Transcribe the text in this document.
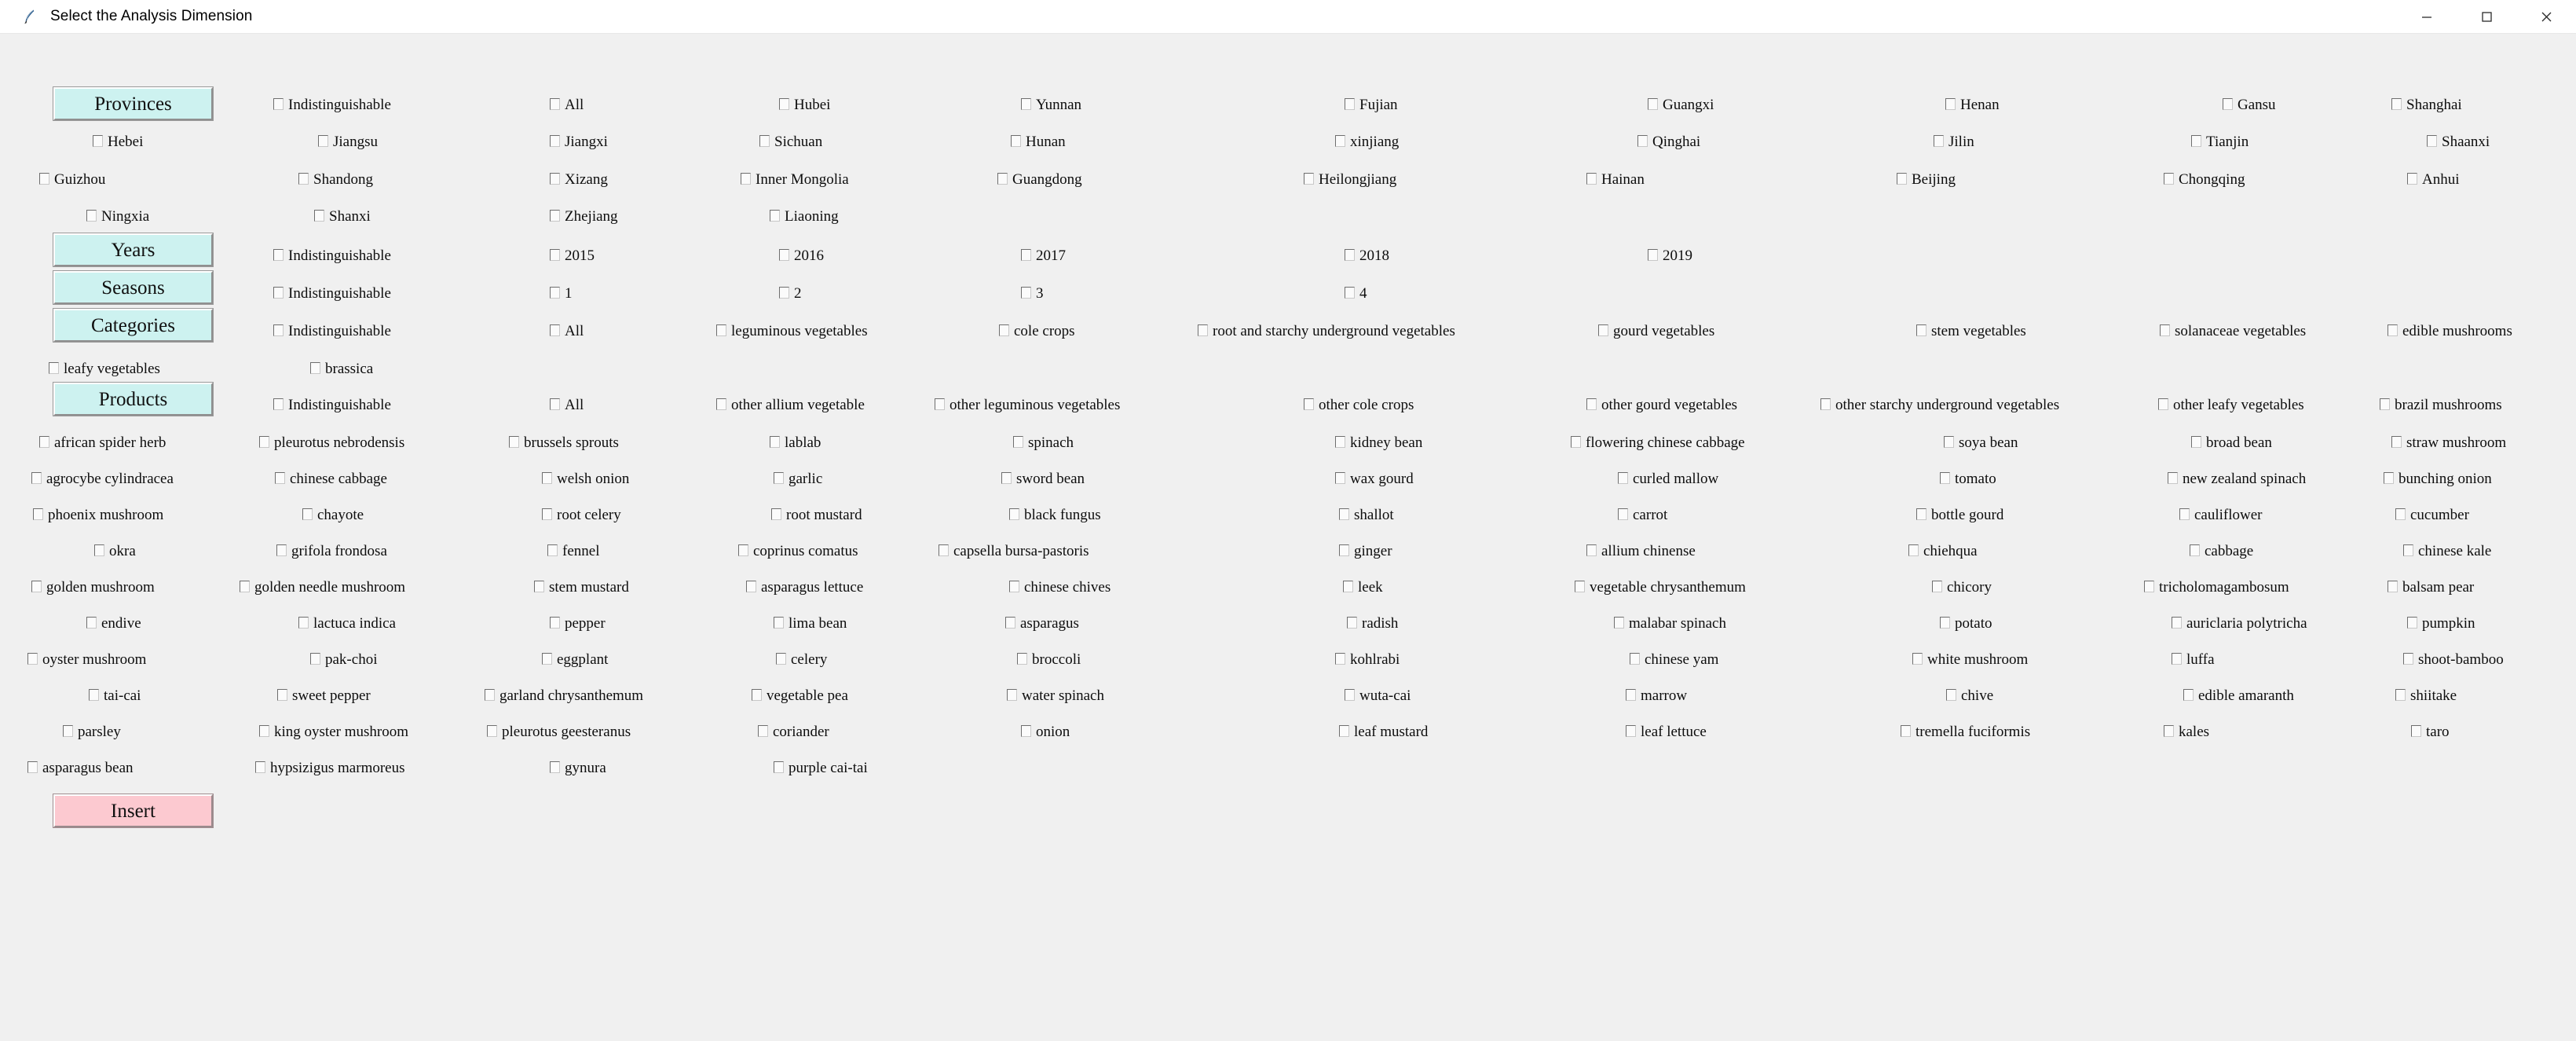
Select the Analysis Dimension
Provinces
Years
Seasons
Categories
Products
Insert
Indistinguishable	All	Hubei	Yunnan	Fujian	Guangxi	Henan	Gansu	Shanghai
Hebei	Jiangsu	Jiangxi	Sichuan	Hunan	xinjiang	Qinghai	Jilin	Tianjin	Shaanxi
Guizhou	Shandong	Xizang	Inner Mongolia	Guangdong	Heilongjiang	Hainan	Beijing	Chongqing	Anhui
Ningxia	Shanxi	Zhejiang	Liaoning
Indistinguishable	2015	2016	2017	2018	2019
Indistinguishable	1	2	3	4
Indistinguishable	All	leguminous vegetables	cole crops	root and starchy underground vegetables	gourd vegetables	stem vegetables	solanaceae vegetables	edible mushrooms
leafy vegetables	brassica
Indistinguishable	All	other allium vegetable	other leguminous vegetables	other cole crops	other gourd vegetables	other starchy underground vegetables	other leafy vegetables	brazil mushrooms
african spider herb	pleurotus nebrodensis	brussels sprouts	lablab	spinach	kidney bean	flowering chinese cabbage	soya bean	broad bean	straw mushroom
agrocybe cylindracea	chinese cabbage	welsh onion	garlic	sword bean	wax gourd	curled mallow	tomato	new zealand spinach	bunching onion
phoenix mushroom	chayote	root celery	root mustard	black fungus	shallot	carrot	bottle gourd	cauliflower	cucumber
okra	grifola frondosa	fennel	coprinus comatus	capsella bursa-pastoris	ginger	allium chinense	chiehqua	cabbage	chinese kale
golden mushroom	golden needle mushroom	stem mustard	asparagus lettuce	chinese chives	leek	vegetable chrysanthemum	chicory	tricholomagambosum	balsam pear
endive	lactuca indica	pepper	lima bean	asparagus	radish	malabar spinach	potato	auriclaria polytricha	pumpkin
oyster mushroom	pak-choi	eggplant	celery	broccoli	kohlrabi	chinese yam	white mushroom	luffa	shoot-bamboo
tai-cai	sweet pepper	garland chrysanthemum	vegetable pea	water spinach	wuta-cai	marrow	chive	edible amaranth	shiitake
parsley	king oyster mushroom	pleurotus geesteranus	coriander	onion	leaf mustard	leaf lettuce	tremella fuciformis	kales	taro
asparagus bean	hypsizigus marmoreus	gynura	purple cai-tai
